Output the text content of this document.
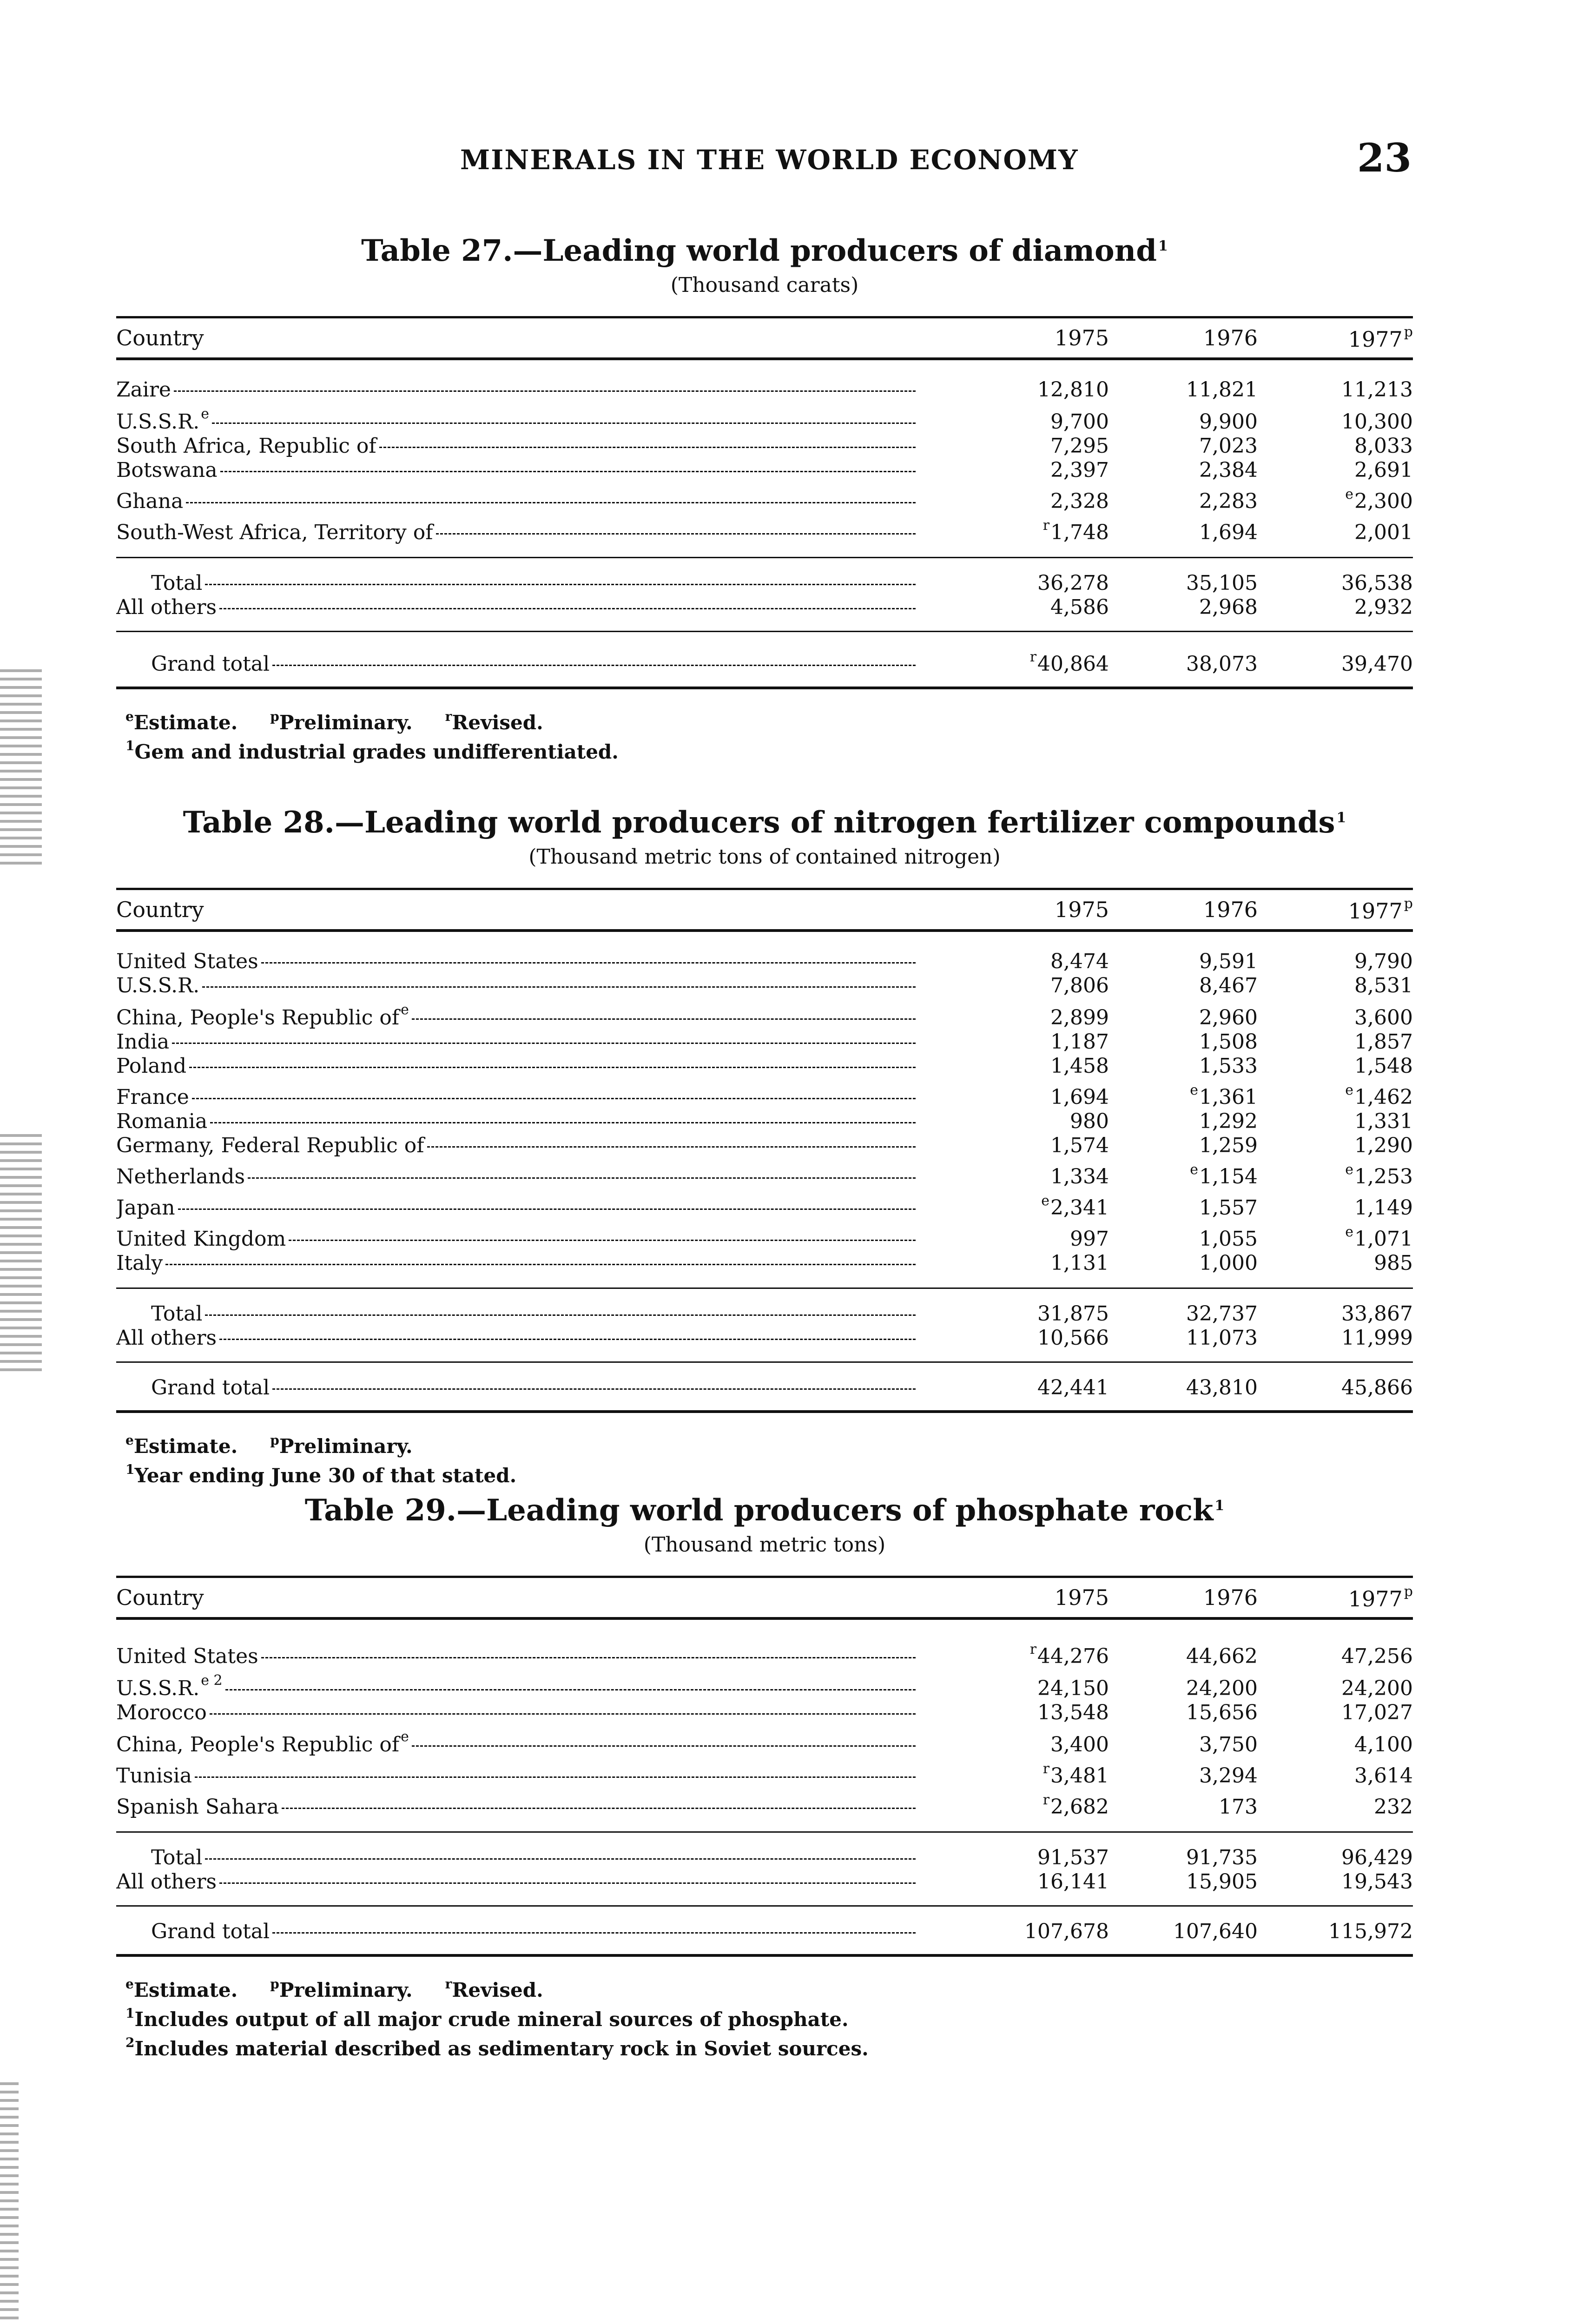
MINERALS IN THE WORLD ECONOMY	23
Table 27.—Leading world producers of diamond $^1$
(Thousand carats)
Country	1975	1976	1977 $^p$
Zaire	12,810	11,821	11,213
U.S.S.R. $^e$	9,700	9,900	10,300
South Africa, Republic of	7,295	7,023	8,033
Botswana	2,397	2,384	2,691
Ghana	2,328	2,283	$^e$2,300
South-West Africa, Territory of	$^r$1,748	1,694	2,001
Total	36,278	35,105	36,538
All others	4,586	2,968	2,932
Grand total	$^r$40,864	38,073	39,470
$^e$Estimate.	$^p$Preliminary.	$^r$Revised.
$^1$Gem and industrial grades undifferentiated.
Table 28.—Leading world producers of nitrogen fertilizer compounds $^1$
(Thousand metric tons of contained nitrogen)
Country	1975	1976	1977 $^p$
United States	8,474	9,591	9,790
U.S.S.R.	7,806	8,467	8,531
China, People's Republic of $^e$	2,899	2,960	3,600
India	1,187	1,508	1,857
Poland	1,458	1,533	1,548
France	1,694	$^e$1,361	$^e$1,462
Romania	980	1,292	1,331
Germany, Federal Republic of	1,574	1,259	1,290
Netherlands	1,334	$^e$1,154	$^e$1,253
Japan	$^e$2,341	1,557	1,149
United Kingdom	997	1,055	$^e$1,071
Italy	1,131	1,000	985
Total	31,875	32,737	33,867
All others	10,566	11,073	11,999
Grand total	42,441	43,810	45,866
$^e$Estimate.	$^p$Preliminary.
$^1$Year ending June 30 of that stated.
Table 29.—Leading world producers of phosphate rock $^1$
(Thousand metric tons)
Country	1975	1976	1977 $^p$
United States	$^r$44,276	44,662	47,256
U.S.S.R. $^{e 2}$	24,150	24,200	24,200
Morocco	13,548	15,656	17,027
China, People's Republic of $^e$	3,400	3,750	4,100
Tunisia	$^r$3,481	3,294	3,614
Spanish Sahara	$^r$2,682	173	232
Total	91,537	91,735	96,429
All others	16,141	15,905	19,543
Grand total	107,678	107,640	115,972
$^e$Estimate.	$^p$Preliminary.	$^r$Revised.
$^1$Includes output of all major crude mineral sources of phosphate.
$^2$Includes material described as sedimentary rock in Soviet sources.
